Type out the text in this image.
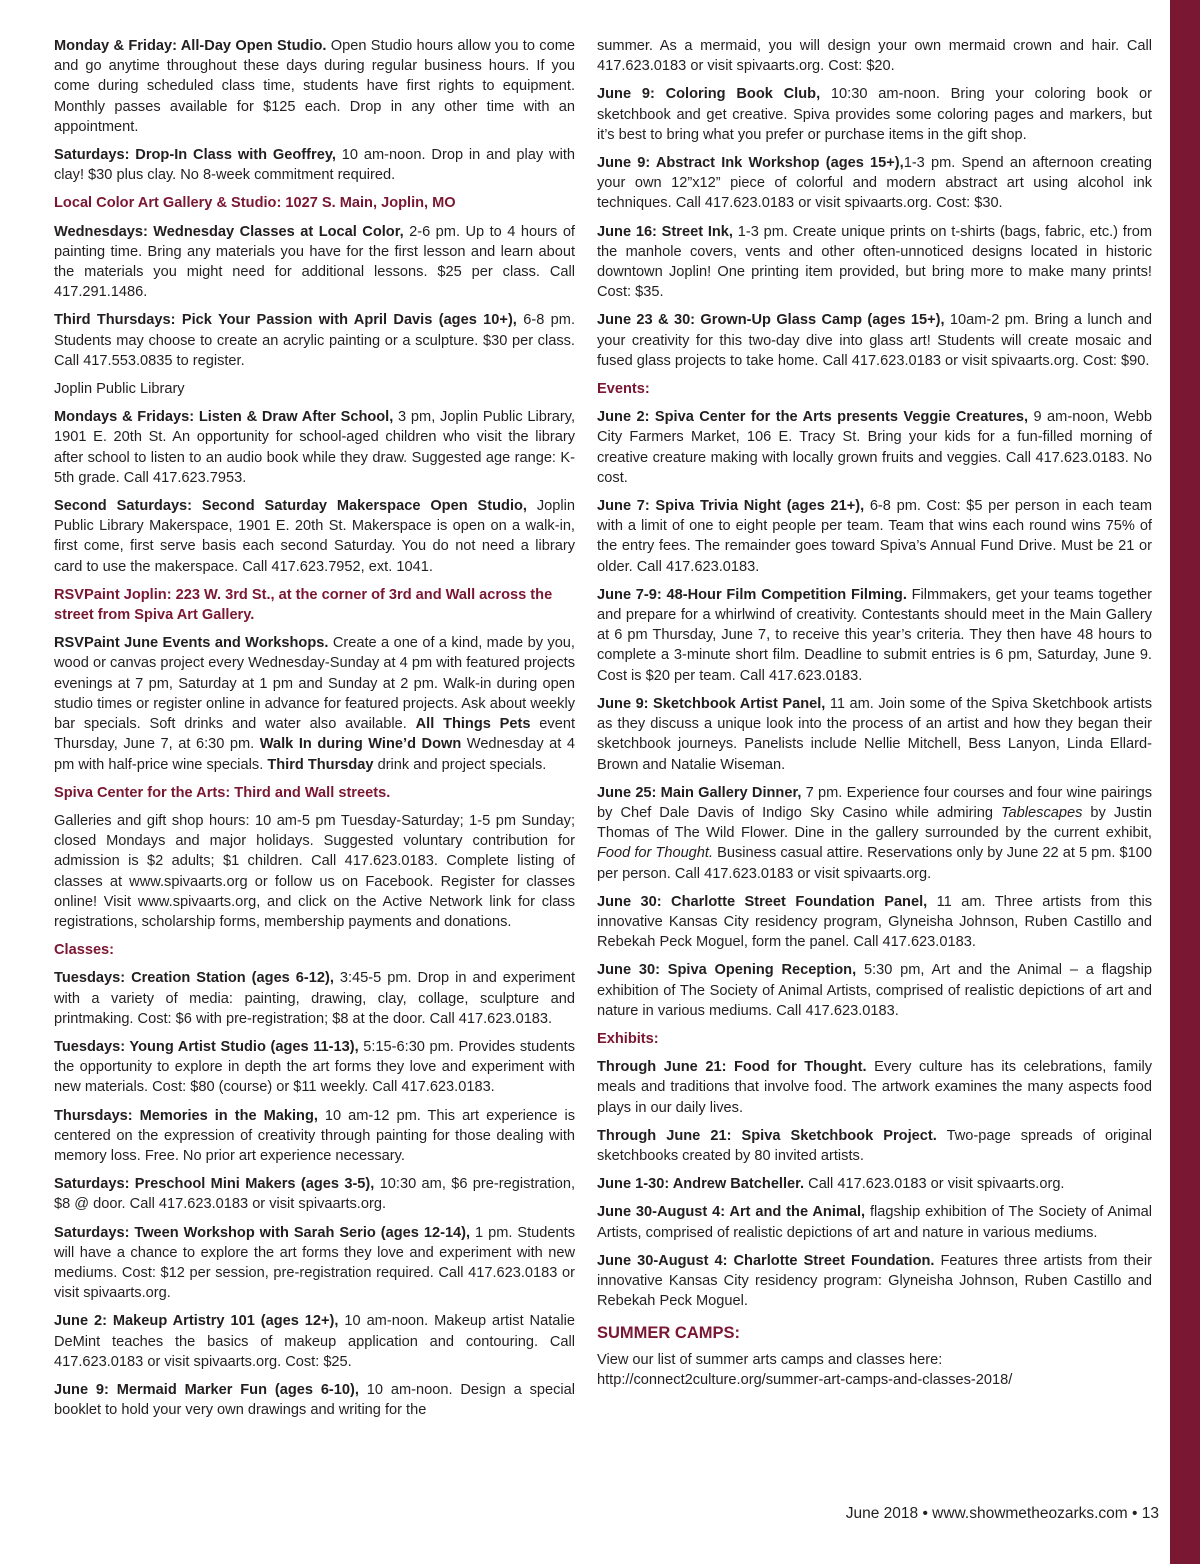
Monday & Friday: All-Day Open Studio. Open Studio hours allow you to come and go anytime throughout these days during regular business hours. If you come during scheduled class time, students have first rights to equipment. Monthly passes available for $125 each. Drop in any other time with an appointment.

Saturdays: Drop-In Class with Geoffrey, 10 am-noon. Drop in and play with clay! $30 plus clay. No 8-week commitment required.

Local Color Art Gallery & Studio: 1027 S. Main, Joplin, MO

Wednesdays: Wednesday Classes at Local Color, 2-6 pm. Up to 4 hours of painting time. Bring any materials you have for the first lesson and learn about the materials you might need for additional lessons. $25 per class. Call 417.291.1486.

Third Thursdays: Pick Your Passion with April Davis (ages 10+), 6-8 pm. Students may choose to create an acrylic painting or a sculpture. $30 per class. Call 417.553.0835 to register.

Joplin Public Library

Mondays & Fridays: Listen & Draw After School, 3 pm, Joplin Public Library, 1901 E. 20th St. An opportunity for school-aged children who visit the library after school to listen to an audio book while they draw. Suggested age range: K-5th grade. Call 417.623.7953.

Second Saturdays: Second Saturday Makerspace Open Studio, Joplin Public Library Makerspace, 1901 E. 20th St. Makerspace is open on a walk-in, first come, first serve basis each second Saturday. You do not need a library card to use the makerspace. Call 417.623.7952, ext. 1041.

RSVPaint Joplin: 223 W. 3rd St., at the corner of 3rd and Wall across the street from Spiva Art Gallery.

RSVPaint June Events and Workshops. Create a one of a kind, made by you, wood or canvas project every Wednesday-Sunday at 4 pm with featured projects evenings at 7 pm, Saturday at 1 pm and Sunday at 2 pm. Walk-in during open studio times or register online in advance for featured projects. Ask about weekly bar specials. Soft drinks and water also available. All Things Pets event Thursday, June 7, at 6:30 pm. Walk In during Wine’d Down Wednesday at 4 pm with half-price wine specials. Third Thursday drink and project specials.

Spiva Center for the Arts: Third and Wall streets.

Galleries and gift shop hours: 10 am-5 pm Tuesday-Saturday; 1-5 pm Sunday; closed Mondays and major holidays. Suggested voluntary contribution for admission is $2 adults; $1 children. Call 417.623.0183. Complete listing of classes at www.spivaarts.org or follow us on Facebook. Register for classes online! Visit www.spivaarts.org, and click on the Active Network link for class registrations, scholarship forms, membership payments and donations.

Classes:

Tuesdays: Creation Station (ages 6-12), 3:45-5 pm. Drop in and experiment with a variety of media: painting, drawing, clay, collage, sculpture and printmaking. Cost: $6 with pre-registration; $8 at the door. Call 417.623.0183.

Tuesdays: Young Artist Studio (ages 11-13), 5:15-6:30 pm. Provides students the opportunity to explore in depth the art forms they love and experiment with new materials. Cost: $80 (course) or $11 weekly. Call 417.623.0183.

Thursdays: Memories in the Making, 10 am-12 pm. This art experience is centered on the expression of creativity through painting for those dealing with memory loss. Free. No prior art experience necessary.

Saturdays: Preschool Mini Makers (ages 3-5), 10:30 am, $6 pre-registration, $8 @ door. Call 417.623.0183 or visit spivaarts.org.

Saturdays: Tween Workshop with Sarah Serio (ages 12-14), 1 pm. Students will have a chance to explore the art forms they love and experiment with new mediums. Cost: $12 per session, pre-registration required. Call 417.623.0183 or visit spivaarts.org.

June 2: Makeup Artistry 101 (ages 12+), 10 am-noon. Makeup artist Natalie DeMint teaches the basics of makeup application and contouring. Call 417.623.0183 or visit spivaarts.org. Cost: $25.

June 9: Mermaid Marker Fun (ages 6-10), 10 am-noon. Design a special booklet to hold your very own drawings and writing for the

summer. As a mermaid, you will design your own mermaid crown and hair. Call 417.623.0183 or visit spivaarts.org. Cost: $20.

June 9: Coloring Book Club, 10:30 am-noon. Bring your coloring book or sketchbook and get creative. Spiva provides some coloring pages and markers, but it’s best to bring what you prefer or purchase items in the gift shop.

June 9: Abstract Ink Workshop (ages 15+),1-3 pm. Spend an afternoon creating your own 12”x12” piece of colorful and modern abstract art using alcohol ink techniques. Call 417.623.0183 or visit spivaarts.org. Cost: $30.

June 16: Street Ink, 1-3 pm. Create unique prints on t-shirts (bags, fabric, etc.) from the manhole covers, vents and other often-unnoticed designs located in historic downtown Joplin! One printing item provided, but bring more to make many prints! Cost: $35.

June 23 & 30: Grown-Up Glass Camp (ages 15+), 10am-2 pm. Bring a lunch and your creativity for this two-day dive into glass art! Students will create mosaic and fused glass projects to take home. Call 417.623.0183 or visit spivaarts.org. Cost: $90.

Events:

June 2: Spiva Center for the Arts presents Veggie Creatures, 9 am-noon, Webb City Farmers Market, 106 E. Tracy St. Bring your kids for a fun-filled morning of creative creature making with locally grown fruits and veggies. Call 417.623.0183. No cost.

June 7: Spiva Trivia Night (ages 21+), 6-8 pm. Cost: $5 per person in each team with a limit of one to eight people per team. Team that wins each round wins 75% of the entry fees. The remainder goes toward Spiva’s Annual Fund Drive. Must be 21 or older. Call 417.623.0183.

June 7-9: 48-Hour Film Competition Filming. Filmmakers, get your teams together and prepare for a whirlwind of creativity. Contestants should meet in the Main Gallery at 6 pm Thursday, June 7, to receive this year’s criteria. They then have 48 hours to complete a 3-minute short film. Deadline to submit entries is 6 pm, Saturday, June 9. Cost is $20 per team. Call 417.623.0183.

June 9: Sketchbook Artist Panel, 11 am. Join some of the Spiva Sketchbook artists as they discuss a unique look into the process of an artist and how they began their sketchbook journeys. Panelists include Nellie Mitchell, Bess Lanyon, Linda Ellard-Brown and Natalie Wiseman.

June 25: Main Gallery Dinner, 7 pm. Experience four courses and four wine pairings by Chef Dale Davis of Indigo Sky Casino while admiring Tablescapes by Justin Thomas of The Wild Flower. Dine in the gallery surrounded by the current exhibit, Food for Thought. Business casual attire. Reservations only by June 22 at 5 pm. $100 per person. Call 417.623.0183 or visit spivaarts.org.

June 30: Charlotte Street Foundation Panel, 11 am. Three artists from this innovative Kansas City residency program, Glyneisha Johnson, Ruben Castillo and Rebekah Peck Moguel, form the panel. Call 417.623.0183.

June 30: Spiva Opening Reception, 5:30 pm, Art and the Animal – a flagship exhibition of The Society of Animal Artists, comprised of realistic depictions of art and nature in various mediums. Call 417.623.0183.

Exhibits:

Through June 21: Food for Thought. Every culture has its celebrations, family meals and traditions that involve food. The artwork examines the many aspects food plays in our daily lives.

Through June 21: Spiva Sketchbook Project. Two-page spreads of original sketchbooks created by 80 invited artists.

June 1-30: Andrew Batcheller. Call 417.623.0183 or visit spivaarts.org.

June 30-August 4: Art and the Animal, flagship exhibition of The Society of Animal Artists, comprised of realistic depictions of art and nature in various mediums.

June 30-August 4: Charlotte Street Foundation. Features three artists from their innovative Kansas City residency program: Glyneisha Johnson, Ruben Castillo and Rebekah Peck Moguel.

SUMMER CAMPS:

View our list of summer arts camps and classes here:
http://connect2culture.org/summer-art-camps-and-classes-2018/

June 2018 • www.showmetheozarks.com • 13
